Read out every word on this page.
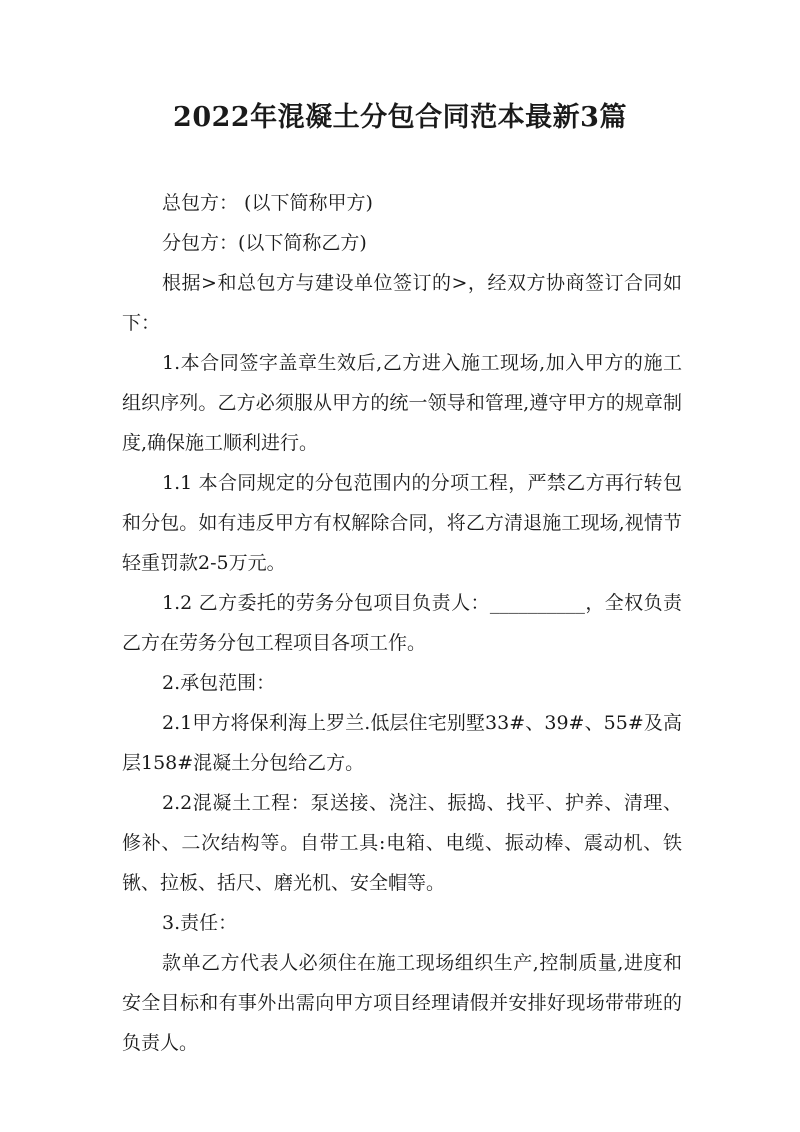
2022年混凝土分包合同范本最新3篇

总包方： (以下简称甲方)

分包方：(以下简称乙方)

根据>和总包方与建设单位签订的>，经双方协商签订合同如下：

1.本合同签字盖章生效后,乙方进入施工现场,加入甲方的施工组织序列。乙方必须服从甲方的统一领导和管理,遵守甲方的规章制度,确保施工顺利进行。

1.1 本合同规定的分包范围内的分项工程，严禁乙方再行转包和分包。如有违反甲方有权解除合同，将乙方清退施工现场,视情节轻重罚款2-5万元。

1.2 乙方委托的劳务分包项目负责人：__________，全权负责乙方在劳务分包工程项目各项工作。

2.承包范围：

2.1甲方将保利海上罗兰.低层住宅别墅33#、39#、55#及高层158#混凝土分包给乙方。

2.2混凝土工程：泵送接、浇注、振捣、找平、护养、清理、修补、二次结构等。自带工具:电箱、电缆、振动棒、震动机、铁锹、拉板、括尺、磨光机、安全帽等。

3.责任：

款单乙方代表人必须住在施工现场组织生产,控制质量,进度和安全目标和有事外出需向甲方项目经理请假并安排好现场带带班的负责人。
